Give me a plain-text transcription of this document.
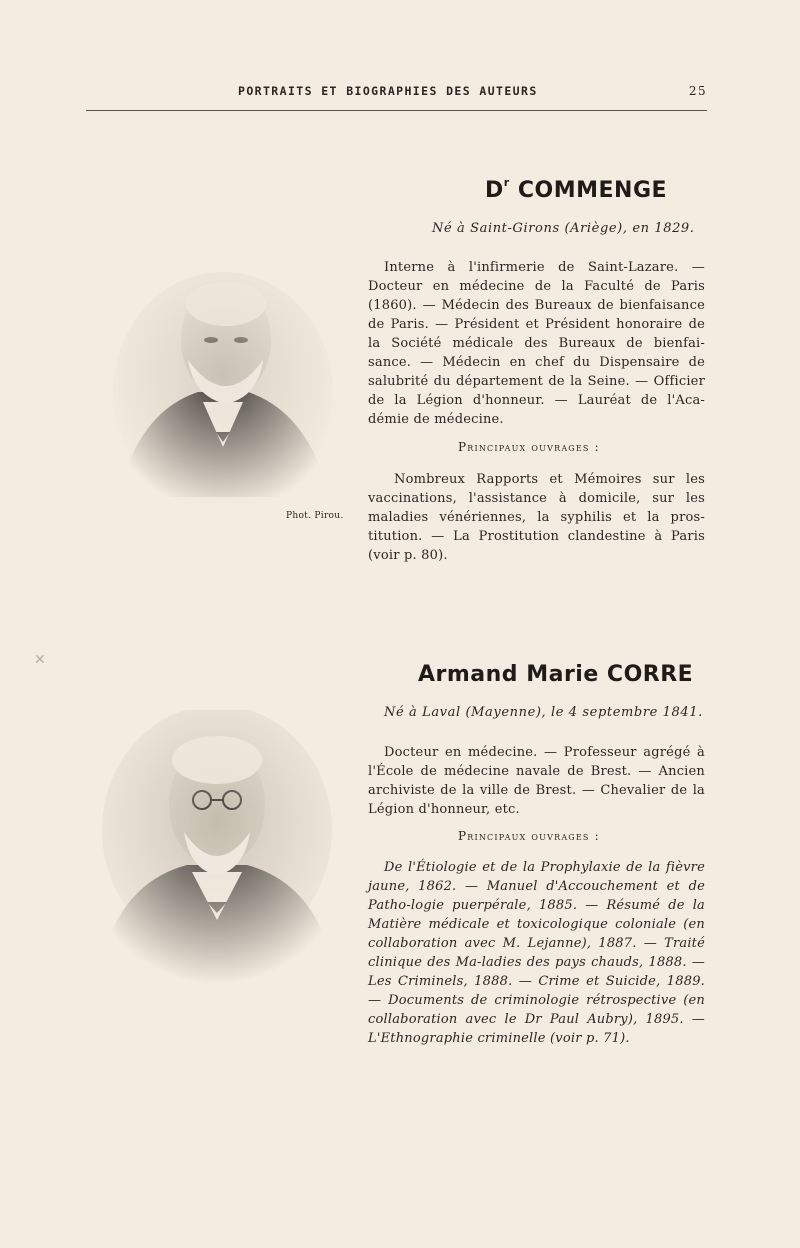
PORTRAITS ET BIOGRAPHIES DES AUTEURS	25
$D^r$ COMMENGE

Né à Saint-Girons (Ariège), en 1829.

Interne à l'infirmerie de Saint-Lazare. — Docteur en médecine de la Faculté de Paris (1860). — Médecin des Bureaux de bienfaisance de Paris. — Président et Président honoraire de la Société médicale des Bureaux de bienfai-sance. — Médecin en chef du Dispensaire de salubrité du département de la Seine. — Officier de la Légion d'honneur. — Lauréat de l'Aca-démie de médecine.

Principaux ouvrages :

Nombreux Rapports et Mémoires sur les vaccinations, l'assistance à domicile, sur les maladies vénériennes, la syphilis et la pros-titution. — La Prostitution clandestine à Paris (voir p. 80).

Phot. Pirou.
✕
Armand Marie CORRE

Né à Laval (Mayenne), le 4 septembre 1841.

Docteur en médecine. — Professeur agrégé à l'École de médecine navale de Brest. — Ancien archiviste de la ville de Brest. — Chevalier de la Légion d'honneur, etc.

Principaux ouvrages :

De l'Étiologie et de la Prophylaxie de la fièvre jaune, 1862. — Manuel d'Accouchement et de Patho-logie puerpérale, 1885. — Résumé de la Matière médicale et toxicologique coloniale (en collaboration avec M. Lejanne), 1887. — Traité clinique des Ma-ladies des pays chauds, 1888. — Les Criminels, 1888. — Crime et Suicide, 1889. — Documents de criminologie rétrospective (en collaboration avec le Dr Paul Aubry), 1895. — L'Ethnographie criminelle (voir p. 71).
